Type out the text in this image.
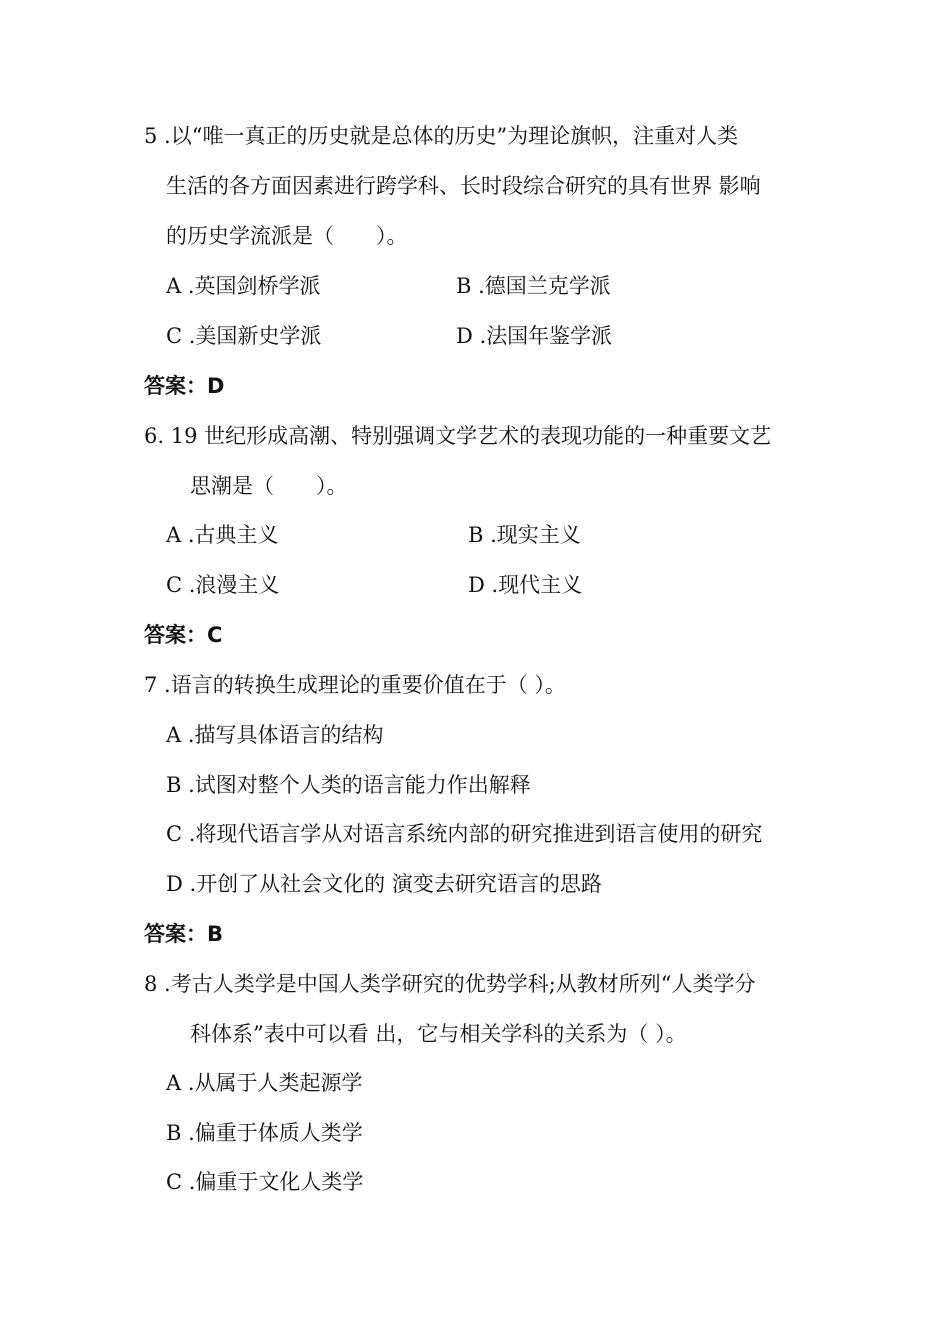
5 .以“唯一真正的历史就是总体的历史”为理论旗帜，注重对人类
生活的各方面因素进行跨学科、长时段综合研究的具有世界 影响
的历史学流派是（　　）。
A .英国剑桥学派	B .德国兰克学派
C .美国新史学派	D .法国年鉴学派
答案：D
6. 19 世纪形成高潮、特别强调文学艺术的表现功能的一种重要文艺
思潮是（　　）。
A .古典主义	B .现实主义
C .浪漫主义	D .现代主义
答案：C
7 .语言的转换生成理论的重要价值在于（ ）。
A .描写具体语言的结构
B .试图对整个人类的语言能力作出解释
C .将现代语言学从对语言系统内部的研究推进到语言使用的研究
D .开创了从社会文化的 演变去研究语言的思路
答案：B
8 .考古人类学是中国人类学研究的优势学科;从教材所列“人类学分
科体系”表中可以看 出，它与相关学科的关系为（ ）。
A .从属于人类起源学
B .偏重于体质人类学
C .偏重于文化人类学
